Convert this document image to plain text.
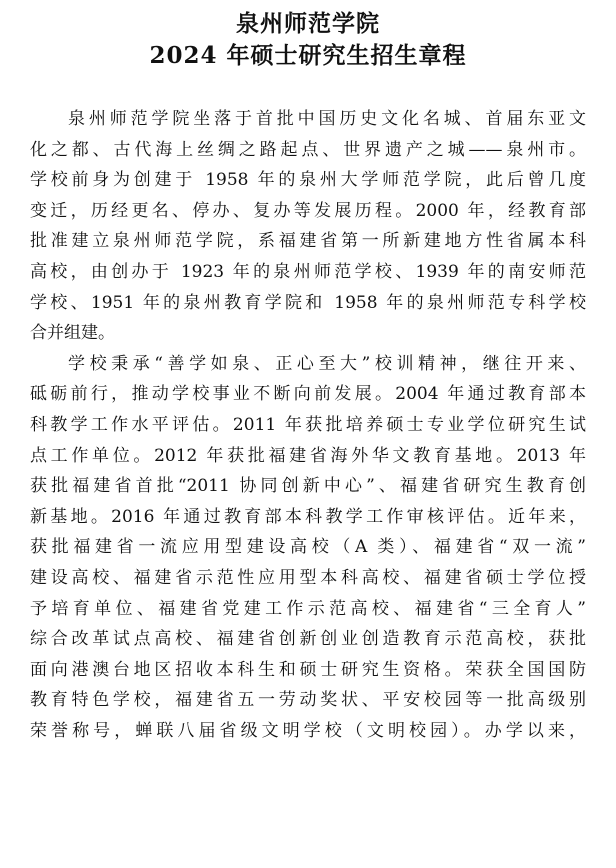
泉州师范学院
2024 年硕士研究生招生章程
泉州师范学院坐落于首批中国历史文化名城、首届东亚文
化之都、古代海上丝绸之路起点、世界遗产之城——泉州市。
学校前身为创建于 1958 年的泉州大学师范学院，此后曾几度
变迁，历经更名、停办、复办等发展历程。2000 年，经教育部
批准建立泉州师范学院，系福建省第一所新建地方性省属本科
高校，由创办于 1923 年的泉州师范学校、1939 年的南安师范
学校、1951 年的泉州教育学院和 1958 年的泉州师范专科学校
合并组建。
学校秉承“善学如泉、正心至大”校训精神，继往开来、
砥砺前行，推动学校事业不断向前发展。2004 年通过教育部本
科教学工作水平评估。2011 年获批培养硕士专业学位研究生试
点工作单位。2012 年获批福建省海外华文教育基地。2013 年
获批福建省首批“2011 协同创新中心”、福建省研究生教育创
新基地。2016 年通过教育部本科教学工作审核评估。近年来，
获批福建省一流应用型建设高校（A 类）、福建省“双一流”
建设高校、福建省示范性应用型本科高校、福建省硕士学位授
予培育单位、福建省党建工作示范高校、福建省“三全育人”
综合改革试点高校、福建省创新创业创造教育示范高校，获批
面向港澳台地区招收本科生和硕士研究生资格。荣获全国国防
教育特色学校，福建省五一劳动奖状、平安校园等一批高级别
荣誉称号，蝉联八届省级文明学校（文明校园）。办学以来，
